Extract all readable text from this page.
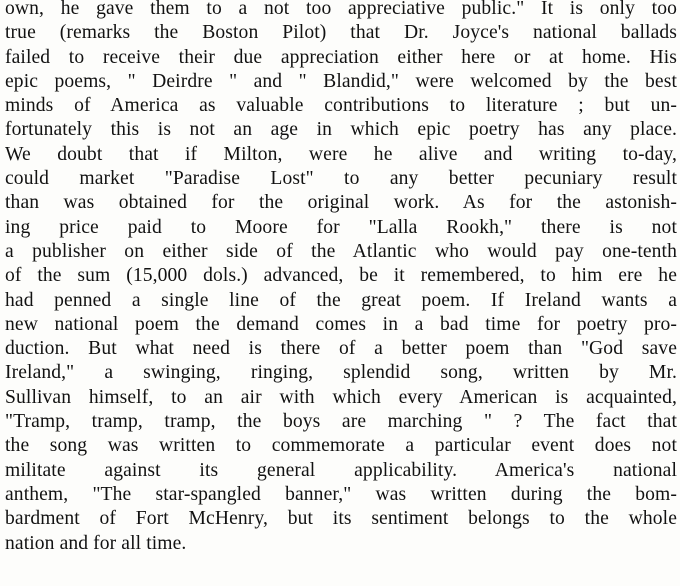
own, he gave them to a not too appreciative public." It is only too
true (remarks the Boston Pilot) that Dr. Joyce's national ballads
failed to receive their due appreciation either here or at home. His
epic poems, " Deirdre " and " Blandid," were welcomed by the best
minds of America as valuable contributions to literature ; but un-
fortunately this is not an age in which epic poetry has any place.
We doubt that if Milton, were he alive and writing to-day,
could market "Paradise Lost" to any better pecuniary result
than was obtained for the original work. As for the astonish-
ing price paid to Moore for "Lalla Rookh," there is not
a publisher on either side of the Atlantic who would pay one-tenth
of the sum (15,000 dols.) advanced, be it remembered, to him ere he
had penned a single line of the great poem. If Ireland wants a
new national poem the demand comes in a bad time for poetry pro-
duction. But what need is there of a better poem than "God save
Ireland," a swinging, ringing, splendid song, written by Mr.
Sullivan himself, to an air with which every American is acquainted,
"Tramp, tramp, tramp, the boys are marching " ? The fact that
the song was written to commemorate a particular event does not
militate against its general applicability. America's national
anthem, "The star-spangled banner," was written during the bom-
bardment of Fort McHenry, but its sentiment belongs to the whole
nation and for all time.
